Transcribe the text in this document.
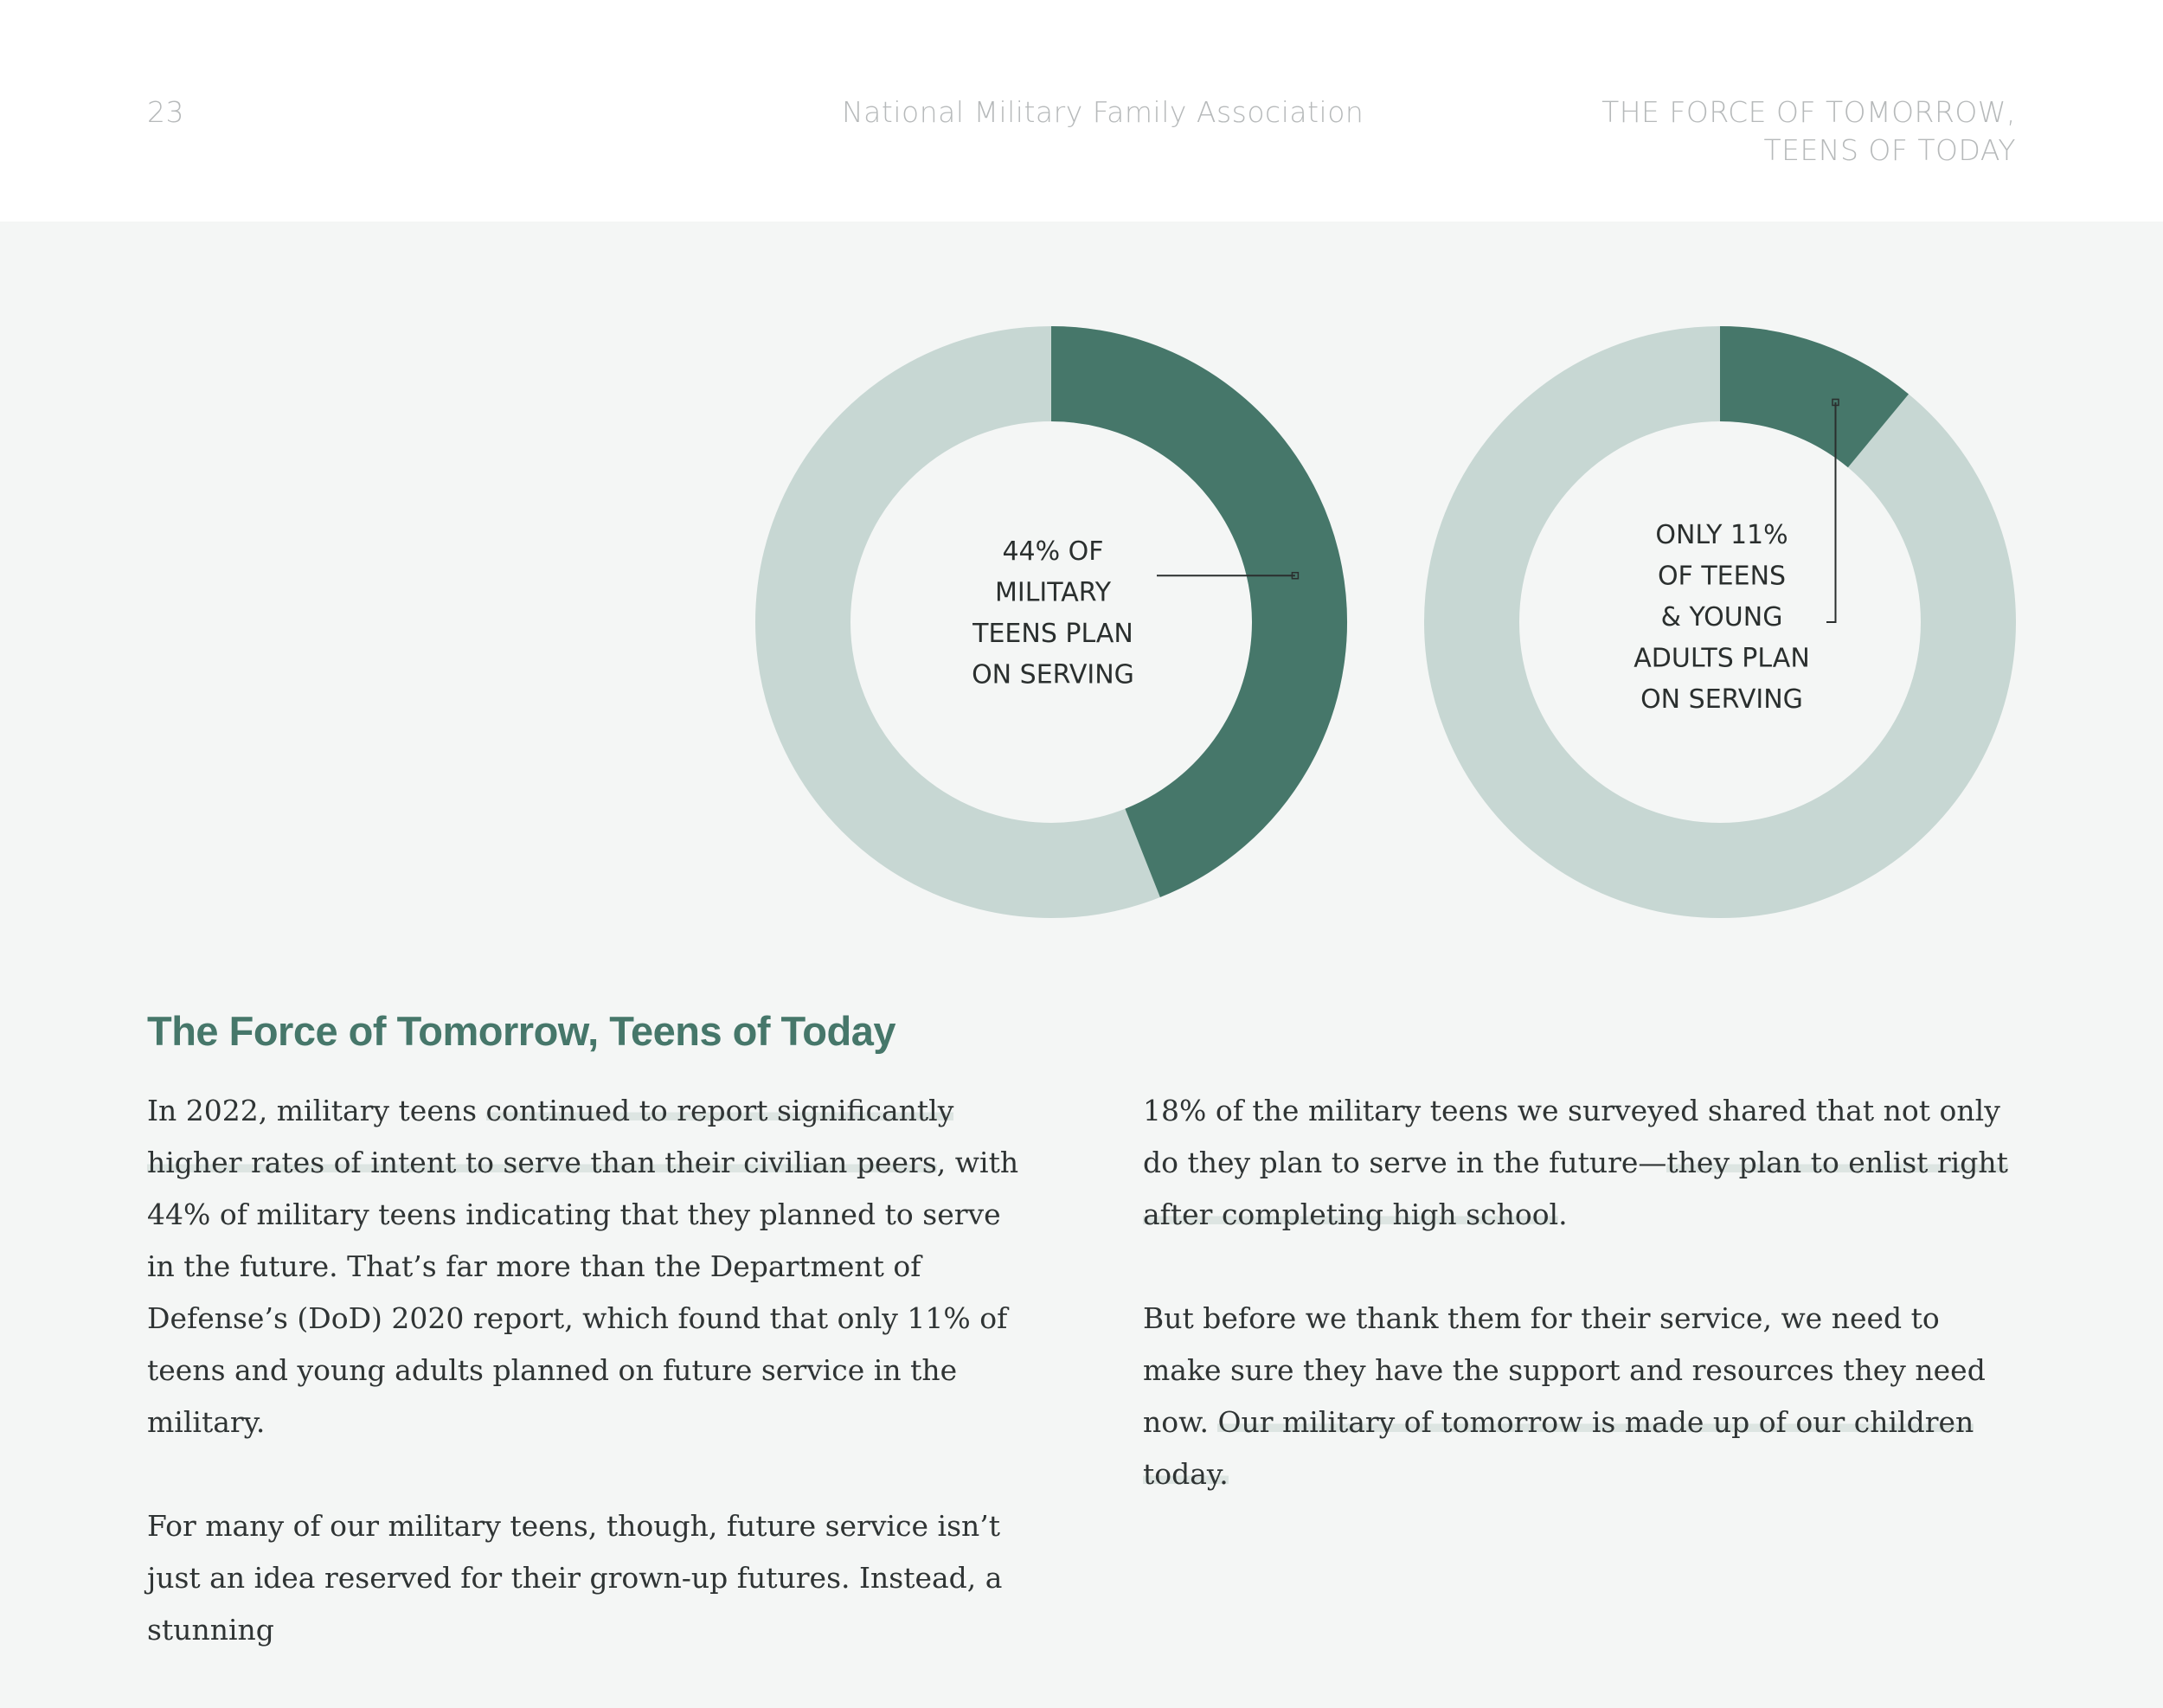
23	National Military Family Association	THE FORCE OF TOMORROW,
TEENS OF TODAY

44% OF MILITARY TEENS PLAN ON SERVING
ONLY 11% OF TEENS & YOUNG ADULTS PLAN ON SERVING
The Force of Tomorrow, Teens of Today

In 2022, military teens continued to report significantly higher rates of intent to serve than their civilian peers, with 44% of military teens indicating that they planned to serve in the future. That’s far more than the Department of Defense’s (DoD) 2020 report, which found that only 11% of teens and young adults planned on future service in the military.

For many of our military teens, though, future service isn’t just an idea reserved for their grown-up futures. Instead, a stunning

18% of the military teens we surveyed shared that not only do they plan to serve in the future—they plan to enlist right after completing high school.

But before we thank them for their service, we need to make sure they have the support and resources they need now. Our military of tomorrow is made up of our children today.
